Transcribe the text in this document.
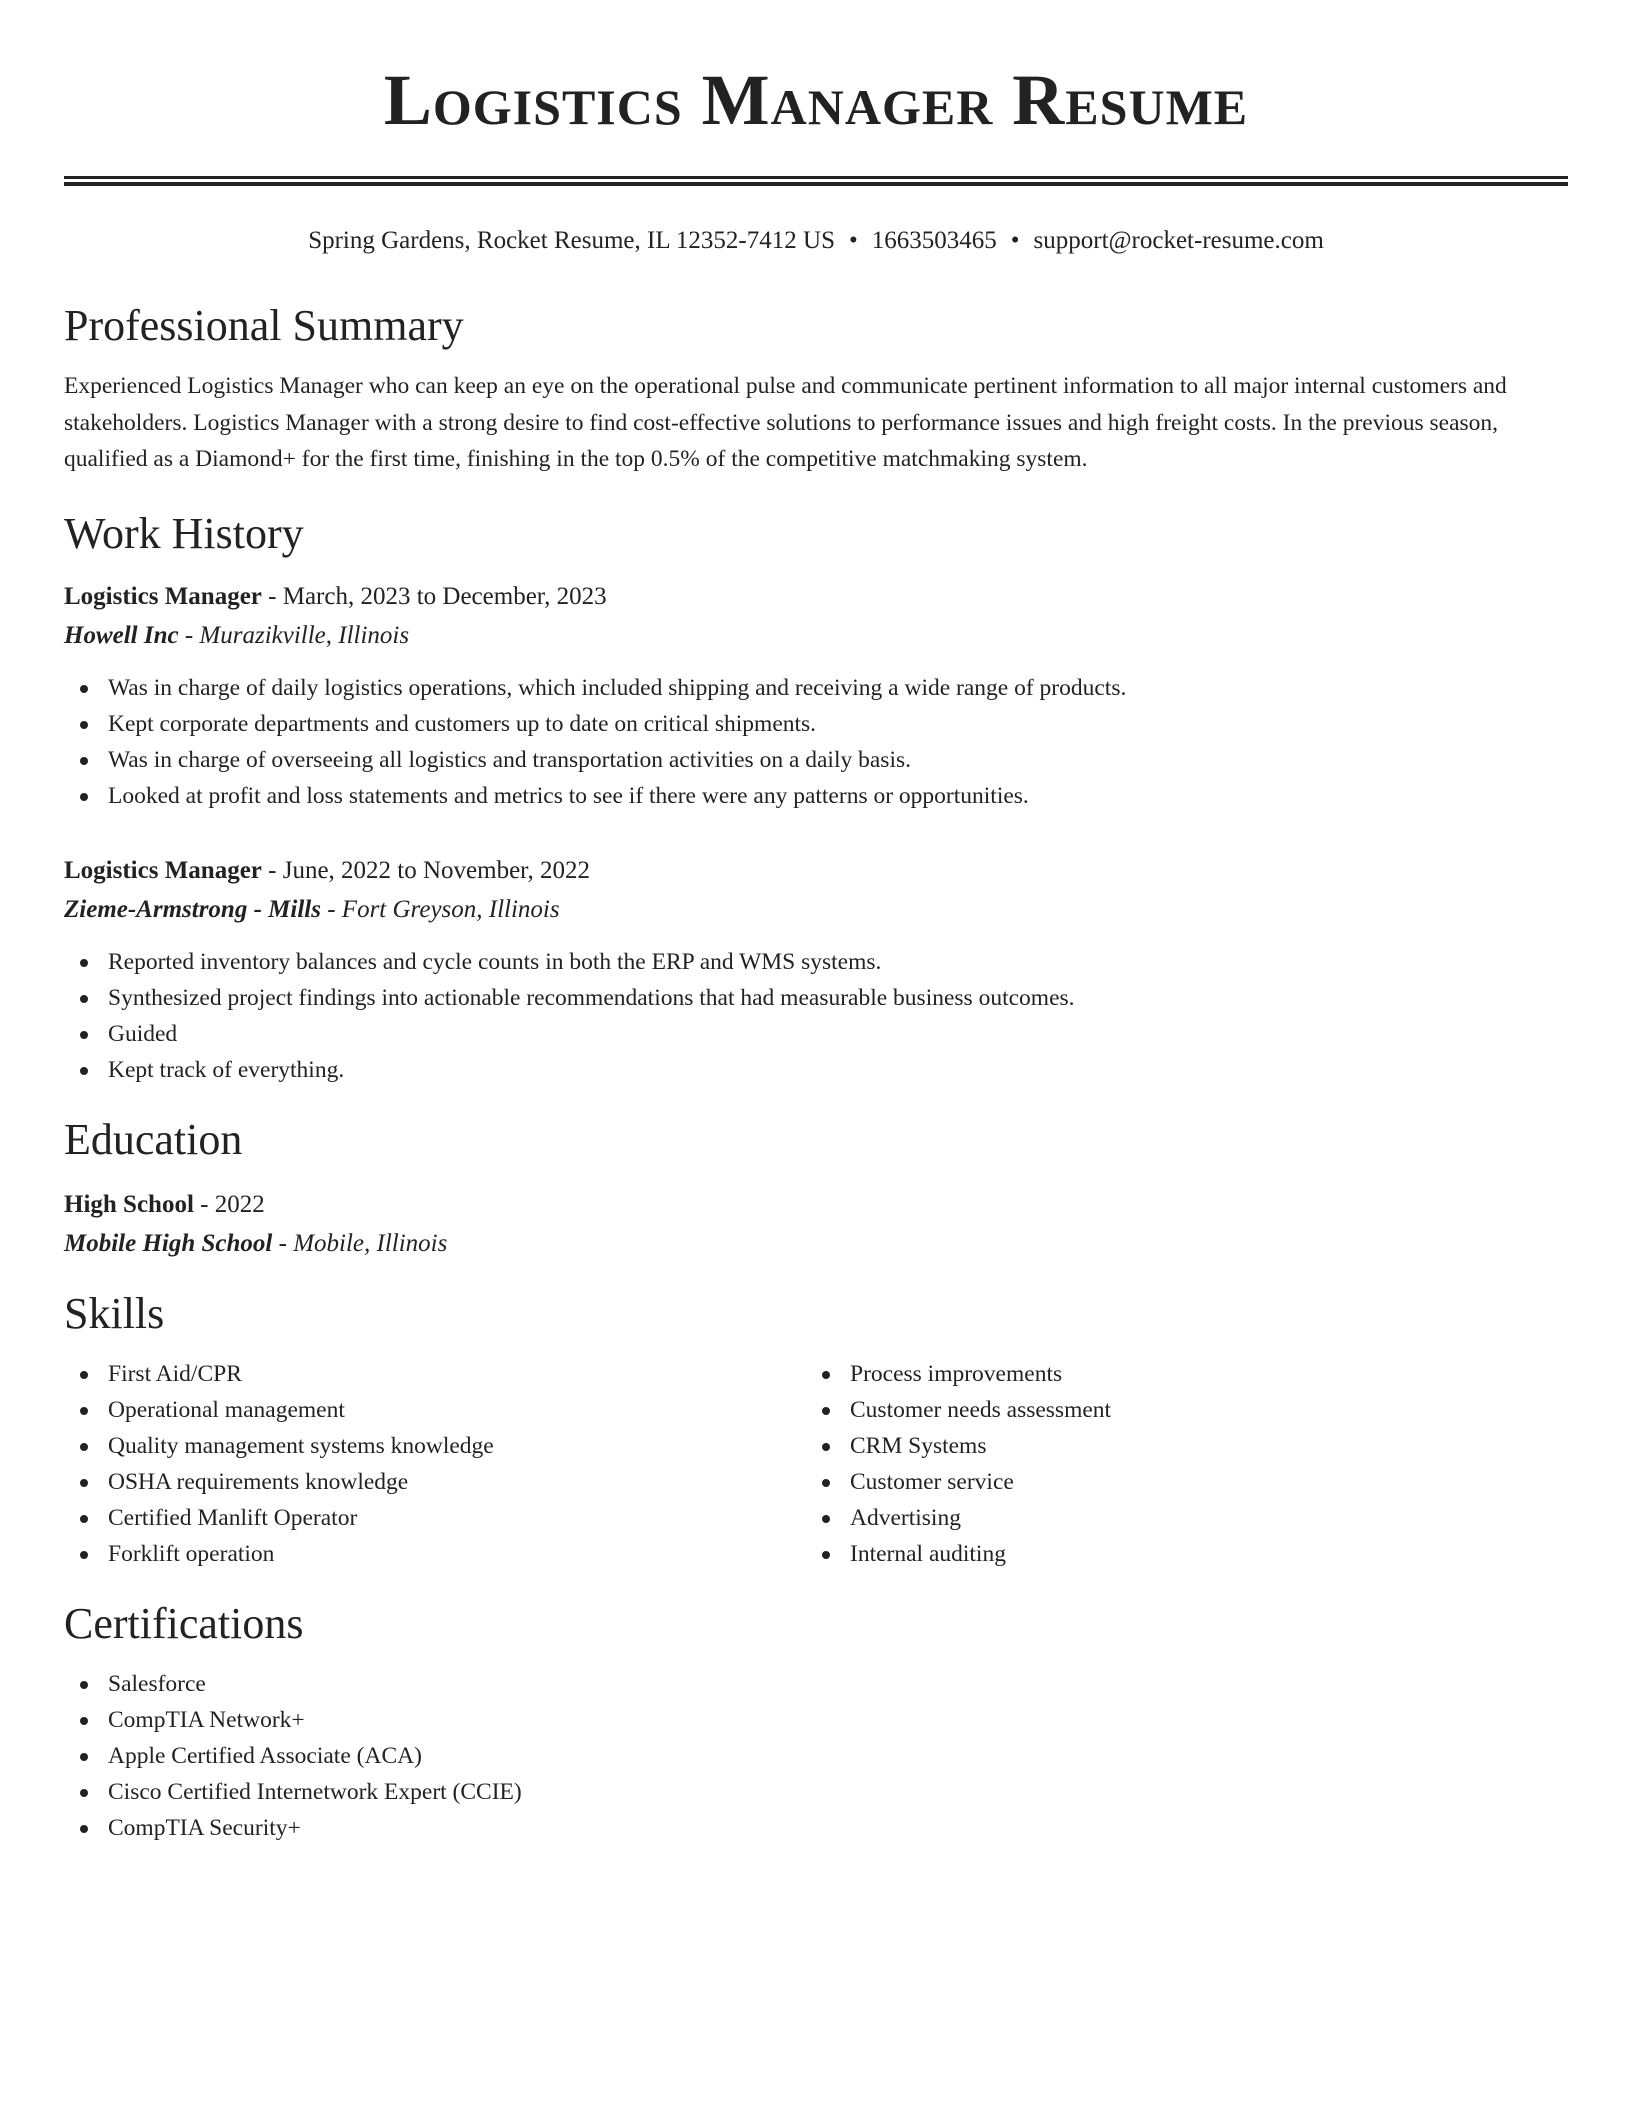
Logistics Manager Resume
Spring Gardens, Rocket Resume, IL 12352-7412 US • 1663503465 • support@rocket-resume.com
Professional Summary

Experienced Logistics Manager who can keep an eye on the operational pulse and communicate pertinent information to all major internal customers and stakeholders. Logistics Manager with a strong desire to find cost-effective solutions to performance issues and high freight costs. In the previous season, qualified as a Diamond+ for the first time, finishing in the top 0.5% of the competitive matchmaking system.

Work History
Logistics Manager - March, 2023 to December, 2023
Howell Inc - Murazikville, Illinois
Was in charge of daily logistics operations, which included shipping and receiving a wide range of products.
Kept corporate departments and customers up to date on critical shipments.
Was in charge of overseeing all logistics and transportation activities on a daily basis.
Looked at profit and loss statements and metrics to see if there were any patterns or opportunities.
Logistics Manager - June, 2022 to November, 2022
Zieme-Armstrong - Mills - Fort Greyson, Illinois
Reported inventory balances and cycle counts in both the ERP and WMS systems.
Synthesized project findings into actionable recommendations that had measurable business outcomes.
Guided
Kept track of everything.
Education
High School - 2022
Mobile High School - Mobile, Illinois
Skills
First Aid/CPR
Operational management
Quality management systems knowledge
OSHA requirements knowledge
Certified Manlift Operator
Forklift operation
Process improvements
Customer needs assessment
CRM Systems
Customer service
Advertising
Internal auditing
Certifications
Salesforce
CompTIA Network+
Apple Certified Associate (ACA)
Cisco Certified Internetwork Expert (CCIE)
CompTIA Security+
